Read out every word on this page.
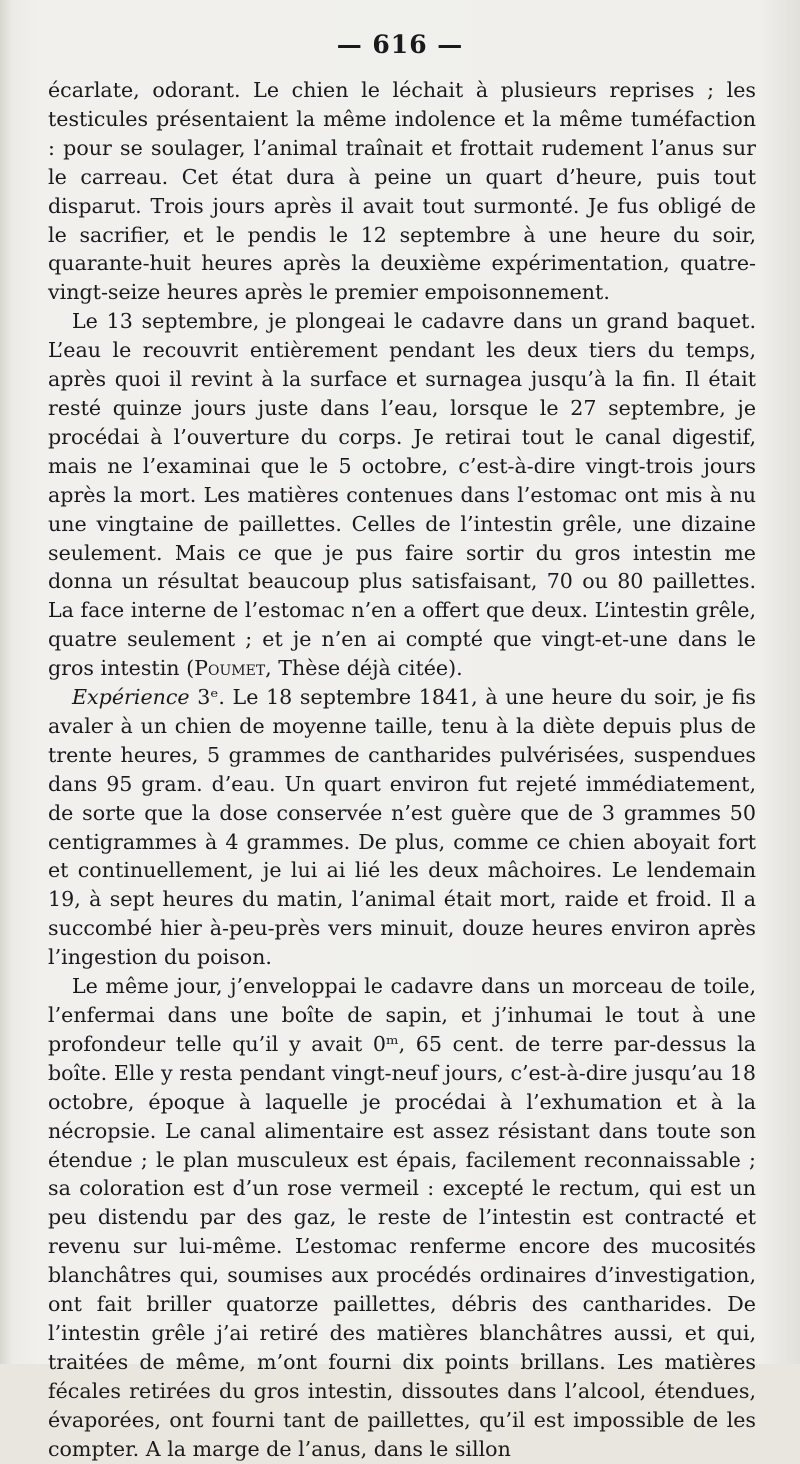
— 616 —

écarlate, odorant. Le chien le léchait à plusieurs reprises ; les testicules présentaient la même indolence et la même tuméfaction : pour se soulager, l’animal traînait et frottait rudement l’anus sur le carreau. Cet état dura à peine un quart d’heure, puis tout disparut. Trois jours après il avait tout surmonté. Je fus obligé de le sacrifier, et le pendis le 12 septembre à une heure du soir, quarante-huit heures après la deuxième expérimentation, quatre-vingt-seize heures après le premier empoisonnement.

Le 13 septembre, je plongeai le cadavre dans un grand baquet. L’eau le recouvrit entièrement pendant les deux tiers du temps, après quoi il revint à la surface et surnagea jusqu’à la fin. Il était resté quinze jours juste dans l’eau, lorsque le 27 septembre, je procédai à l’ouverture du corps. Je retirai tout le canal digestif, mais ne l’examinai que le 5 octobre, c’est-à-dire vingt-trois jours après la mort. Les matières contenues dans l’estomac ont mis à nu une vingtaine de paillettes. Celles de l’intestin grêle, une dizaine seulement. Mais ce que je pus faire sortir du gros intestin me donna un résultat beaucoup plus satisfaisant, 70 ou 80 paillettes. La face interne de l’estomac n’en a offert que deux. L’intestin grêle, quatre seulement ; et je n’en ai compté que vingt-et-une dans le gros intestin (Poumet, Thèse déjà citée).

Expérience 3ᵉ. Le 18 septembre 1841, à une heure du soir, je fis avaler à un chien de moyenne taille, tenu à la diète depuis plus de trente heures, 5 grammes de cantharides pulvérisées, suspendues dans 95 gram. d’eau. Un quart environ fut rejeté immédiatement, de sorte que la dose conservée n’est guère que de 3 grammes 50 centigrammes à 4 grammes. De plus, comme ce chien aboyait fort et continuellement, je lui ai lié les deux mâchoires. Le lendemain 19, à sept heures du matin, l’animal était mort, raide et froid. Il a succombé hier à-peu-près vers minuit, douze heures environ après l’ingestion du poison.

Le même jour, j’enveloppai le cadavre dans un morceau de toile, l’enfermai dans une boîte de sapin, et j’inhumai le tout à une profondeur telle qu’il y avait 0ᵐ, 65 cent. de terre par-dessus la boîte. Elle y resta pendant vingt-neuf jours, c’est-à-dire jusqu’au 18 octobre, époque à laquelle je procédai à l’exhumation et à la nécropsie. Le canal alimentaire est assez résistant dans toute son étendue ; le plan musculeux est épais, facilement reconnaissable ; sa coloration est d’un rose vermeil : excepté le rectum, qui est un peu distendu par des gaz, le reste de l’intestin est contracté et revenu sur lui-même. L’estomac renferme encore des mucosités blanchâtres qui, soumises aux procédés ordinaires d’investigation, ont fait briller quatorze paillettes, débris des cantharides. De l’intestin grêle j’ai retiré des matières blanchâtres aussi, et qui, traitées de même, m’ont fourni dix points brillans. Les matières fécales retirées du gros intestin, dissoutes dans l’alcool, étendues, évaporées, ont fourni tant de paillettes, qu’il est impossible de les compter. A la marge de l’anus, dans le sillon
